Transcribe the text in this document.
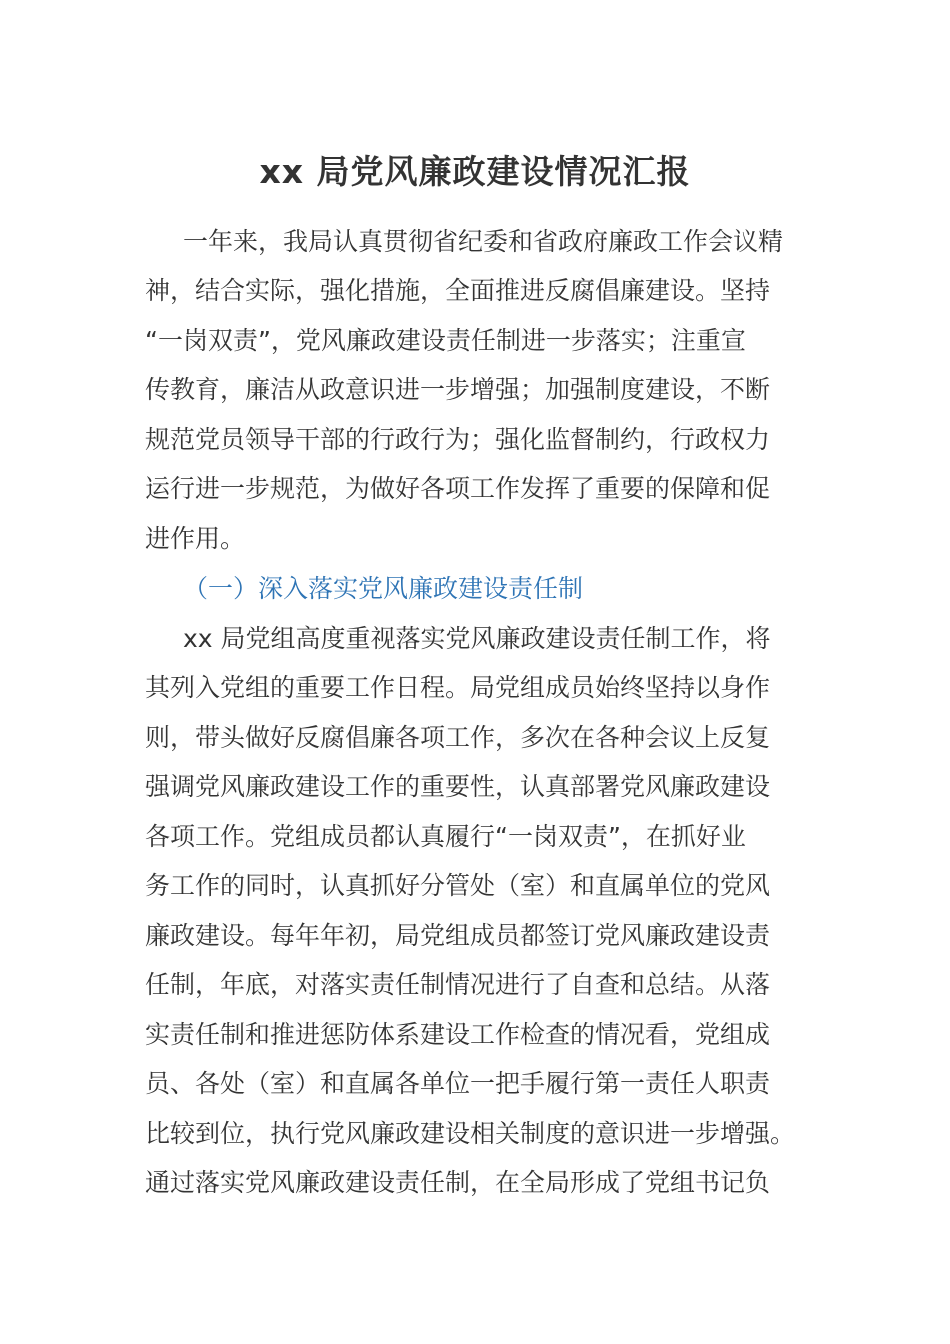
xx 局党风廉政建设情况汇报

一年来，我局认真贯彻省纪委和省政府廉政工作会议精

神，结合实际，强化措施，全面推进反腐倡廉建设。坚持

“一岗双责”，党风廉政建设责任制进一步落实；注重宣

传教育，廉洁从政意识进一步增强；加强制度建设，不断

规范党员领导干部的行政行为；强化监督制约，行政权力

运行进一步规范，为做好各项工作发挥了重要的保障和促

进作用。

（一）深入落实党风廉政建设责任制

xx 局党组高度重视落实党风廉政建设责任制工作，将

其列入党组的重要工作日程。局党组成员始终坚持以身作

则，带头做好反腐倡廉各项工作，多次在各种会议上反复

强调党风廉政建设工作的重要性，认真部署党风廉政建设

各项工作。党组成员都认真履行“一岗双责”，在抓好业

务工作的同时，认真抓好分管处（室）和直属单位的党风

廉政建设。每年年初，局党组成员都签订党风廉政建设责

任制，年底，对落实责任制情况进行了自查和总结。从落

实责任制和推进惩防体系建设工作检查的情况看，党组成

员、各处（室）和直属各单位一把手履行第一责任人职责

比较到位，执行党风廉政建设相关制度的意识进一步增强。

通过落实党风廉政建设责任制，在全局形成了党组书记负
